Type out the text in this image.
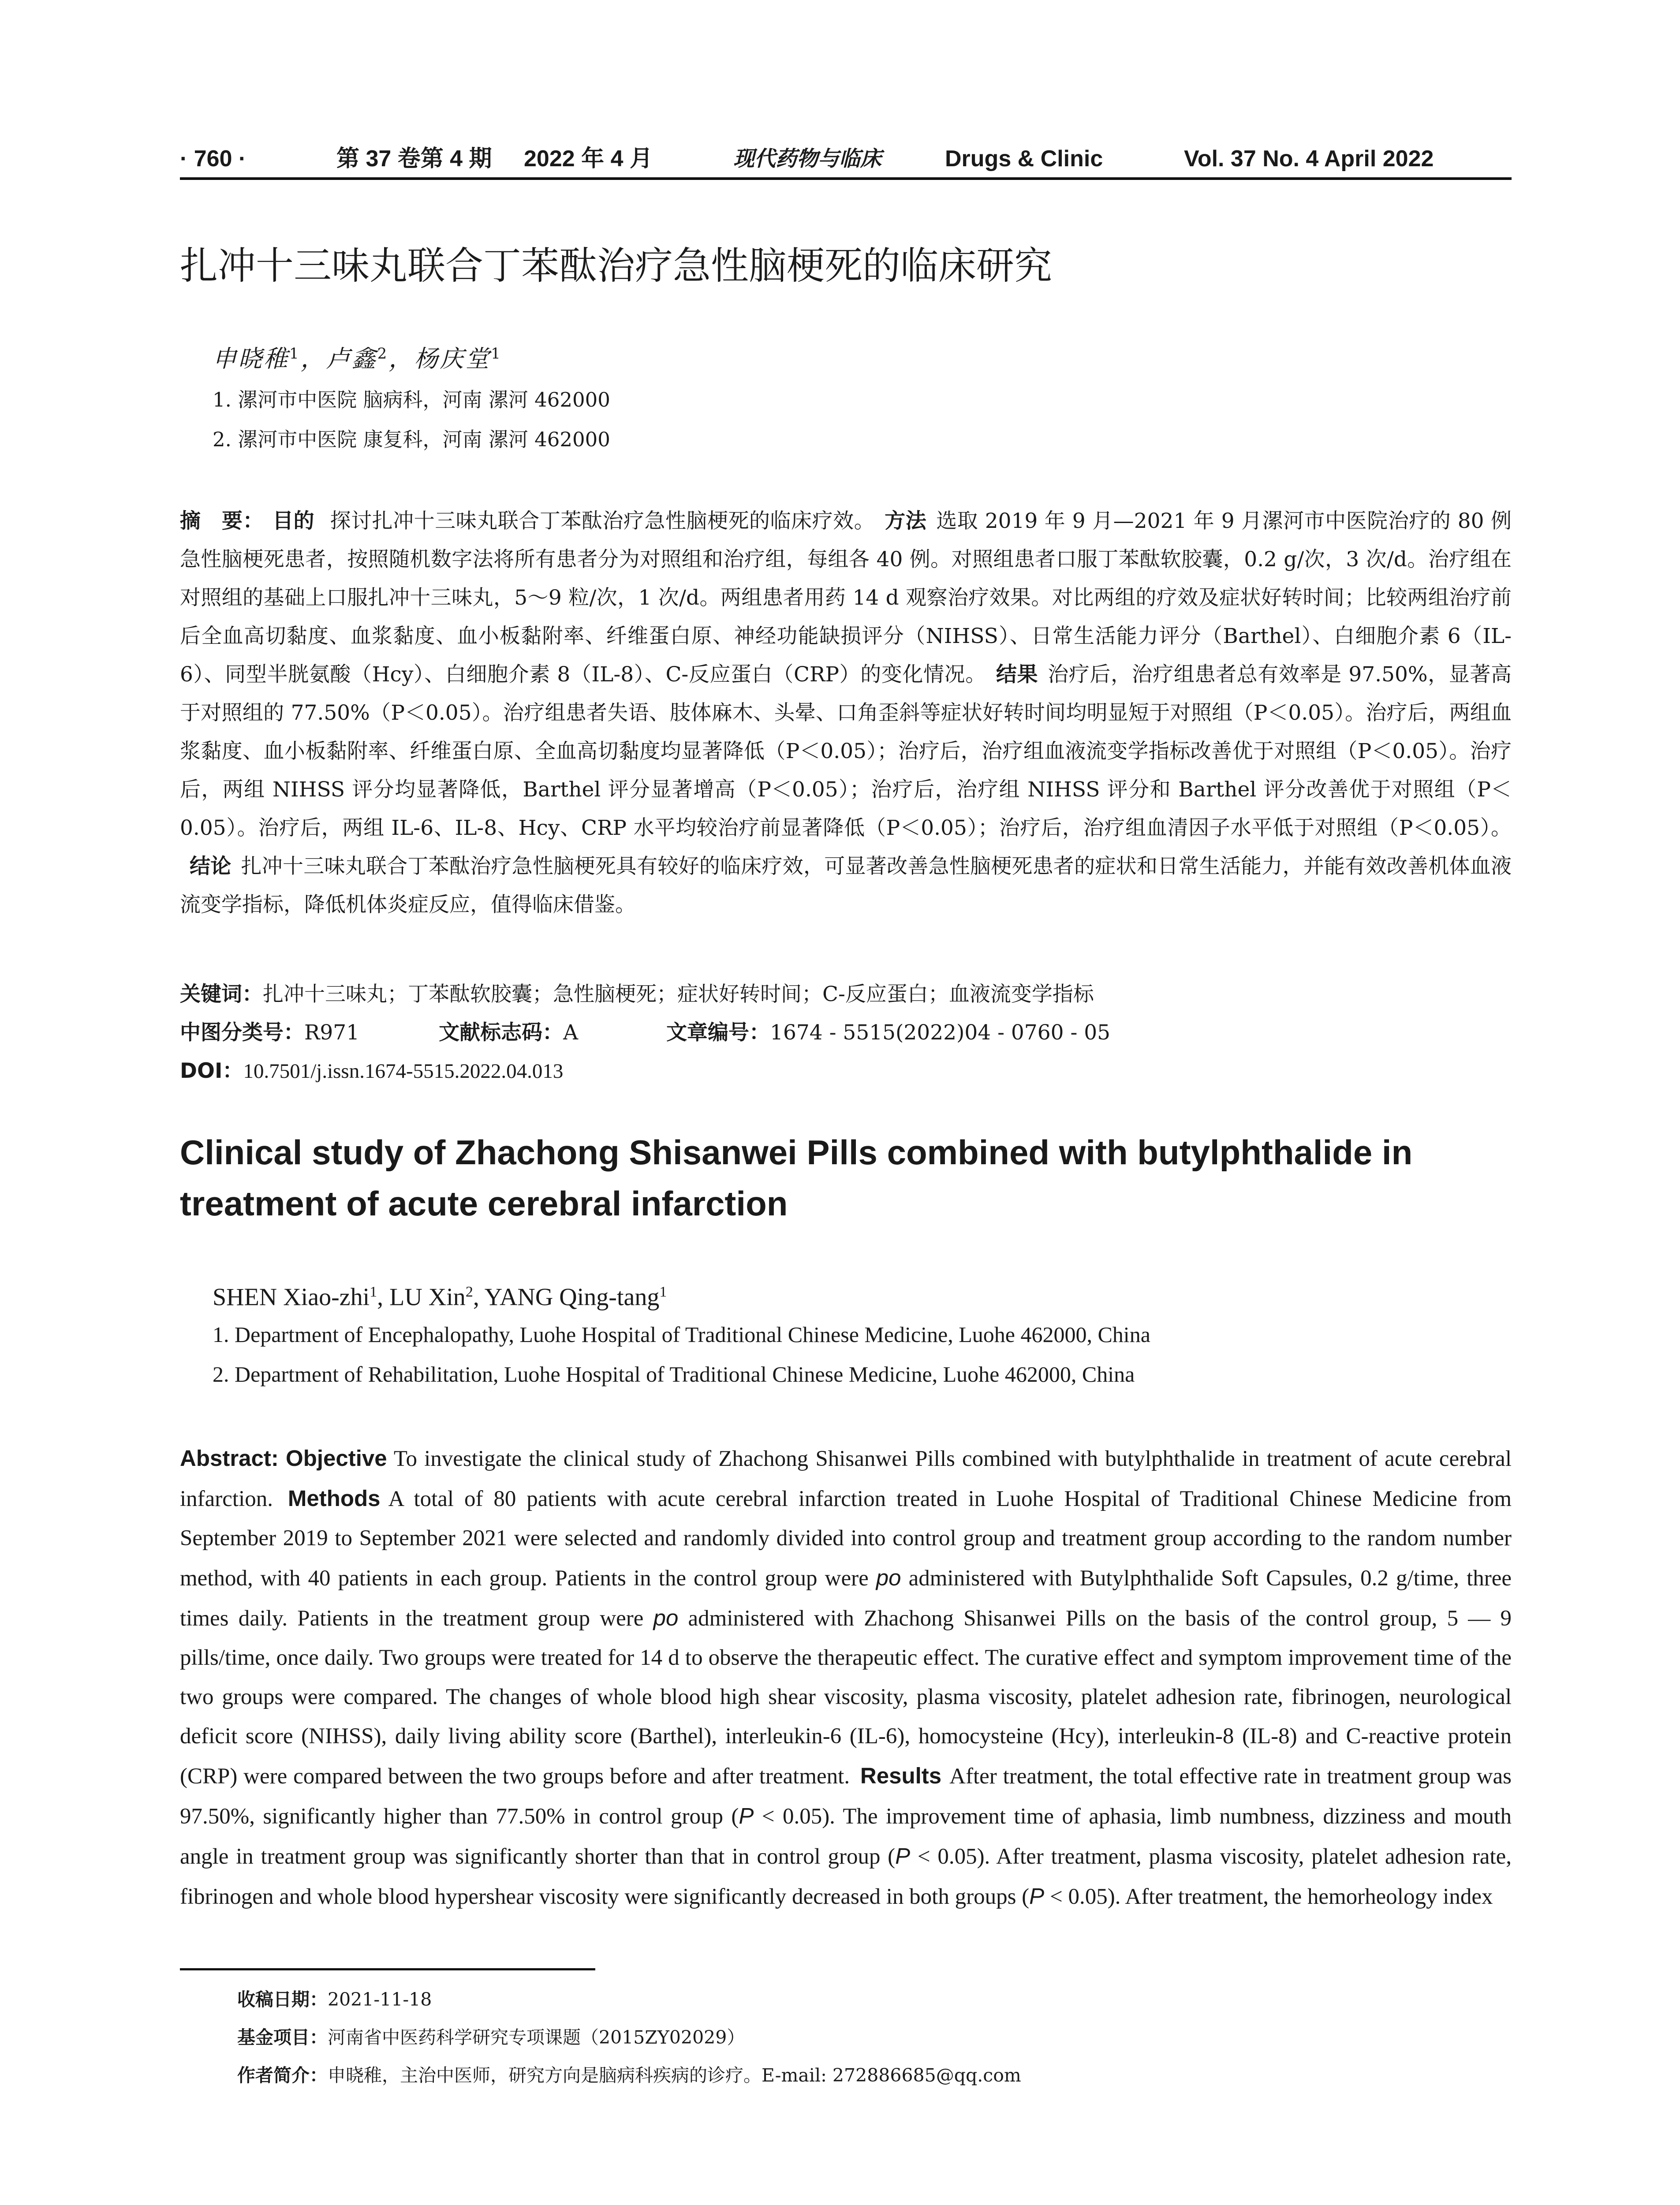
· 760 ·	第 37 卷第 4 期 2022 年 4 月	现代药物与临床	Drugs & Clinic	Vol. 37 No. 4 April 2022
扎冲十三味丸联合丁苯酞治疗急性脑梗死的临床研究
申晓稚$^1$，卢鑫$^2$，杨庆堂$^1$
1. 漯河市中医院 脑病科，河南 漯河 462000
2. 漯河市中医院 康复科，河南 漯河 462000
摘　要： 目的 探讨扎冲十三味丸联合丁苯酞治疗急性脑梗死的临床疗效。 方法 选取 2019 年 9 月—2021 年 9 月漯河市中医院治疗的 80 例急性脑梗死患者，按照随机数字法将所有患者分为对照组和治疗组，每组各 40 例。对照组患者口服丁苯酞软胶囊，0.2 g/次，3 次/d。治疗组在对照组的基础上口服扎冲十三味丸，5～9 粒/次，1 次/d。两组患者用药 14 d 观察治疗效果。对比两组的疗效及症状好转时间；比较两组治疗前后全血高切黏度、血浆黏度、血小板黏附率、纤维蛋白原、神经功能缺损评分（NIHSS）、日常生活能力评分（Barthel）、白细胞介素 6（IL-6）、同型半胱氨酸（Hcy）、白细胞介素 8（IL-8）、C-反应蛋白（CRP）的变化情况。 结果 治疗后，治疗组患者总有效率是 97.50%，显著高于对照组的 77.50%（P＜0.05）。治疗组患者失语、肢体麻木、头晕、口角歪斜等症状好转时间均明显短于对照组（P＜0.05）。治疗后，两组血浆黏度、血小板黏附率、纤维蛋白原、全血高切黏度均显著降低（P＜0.05）；治疗后，治疗组血液流变学指标改善优于对照组（P＜0.05）。治疗后，两组 NIHSS 评分均显著降低，Barthel 评分显著增高（P＜0.05）；治疗后，治疗组 NIHSS 评分和 Barthel 评分改善优于对照组（P＜0.05）。治疗后，两组 IL-6、IL-8、Hcy、CRP 水平均较治疗前显著降低（P＜0.05）；治疗后，治疗组血清因子水平低于对照组（P＜0.05）。结论 扎冲十三味丸联合丁苯酞治疗急性脑梗死具有较好的临床疗效，可显著改善急性脑梗死患者的症状和日常生活能力，并能有效改善机体血液流变学指标，降低机体炎症反应，值得临床借鉴。
关键词：扎冲十三味丸；丁苯酞软胶囊；急性脑梗死；症状好转时间；C-反应蛋白；血液流变学指标
中图分类号：R971	文献标志码：A	文章编号：1674 - 5515(2022)04 - 0760 - 05
DOI：10.7501/j.issn.1674-5515.2022.04.013
Clinical study of Zhachong Shisanwei Pills combined with butylphthalide in treatment of acute cerebral infarction
SHEN Xiao-zhi$^1$, LU Xin$^2$, YANG Qing-tang$^1$
1. Department of Encephalopathy, Luohe Hospital of Traditional Chinese Medicine, Luohe 462000, China
2. Department of Rehabilitation, Luohe Hospital of Traditional Chinese Medicine, Luohe 462000, China
Abstract: Objective To investigate the clinical study of Zhachong Shisanwei Pills combined with butylphthalide in treatment of acute cerebral infarction. Methods A total of 80 patients with acute cerebral infarction treated in Luohe Hospital of Traditional Chinese Medicine from September 2019 to September 2021 were selected and randomly divided into control group and treatment group according to the random number method, with 40 patients in each group. Patients in the control group were po administered with Butylphthalide Soft Capsules, 0.2 g/time, three times daily. Patients in the treatment group were po administered with Zhachong Shisanwei Pills on the basis of the control group, 5 — 9 pills/time, once daily. Two groups were treated for 14 d to observe the therapeutic effect. The curative effect and symptom improvement time of the two groups were compared. The changes of whole blood high shear viscosity, plasma viscosity, platelet adhesion rate, fibrinogen, neurological deficit score (NIHSS), daily living ability score (Barthel), interleukin-6 (IL-6), homocysteine (Hcy), interleukin-8 (IL-8) and C-reactive protein (CRP) were compared between the two groups before and after treatment. Results After treatment, the total effective rate in treatment group was 97.50%, significantly higher than 77.50% in control group (P < 0.05). The improvement time of aphasia, limb numbness, dizziness and mouth angle in treatment group was significantly shorter than that in control group (P < 0.05). After treatment, plasma viscosity, platelet adhesion rate, fibrinogen and whole blood hypershear viscosity were significantly decreased in both groups (P < 0.05). After treatment, the hemorheology index
收稿日期：2021-11-18
基金项目：河南省中医药科学研究专项课题（2015ZY02029）
作者简介：申晓稚，主治中医师，研究方向是脑病科疾病的诊疗。E-mail: 272886685@qq.com
